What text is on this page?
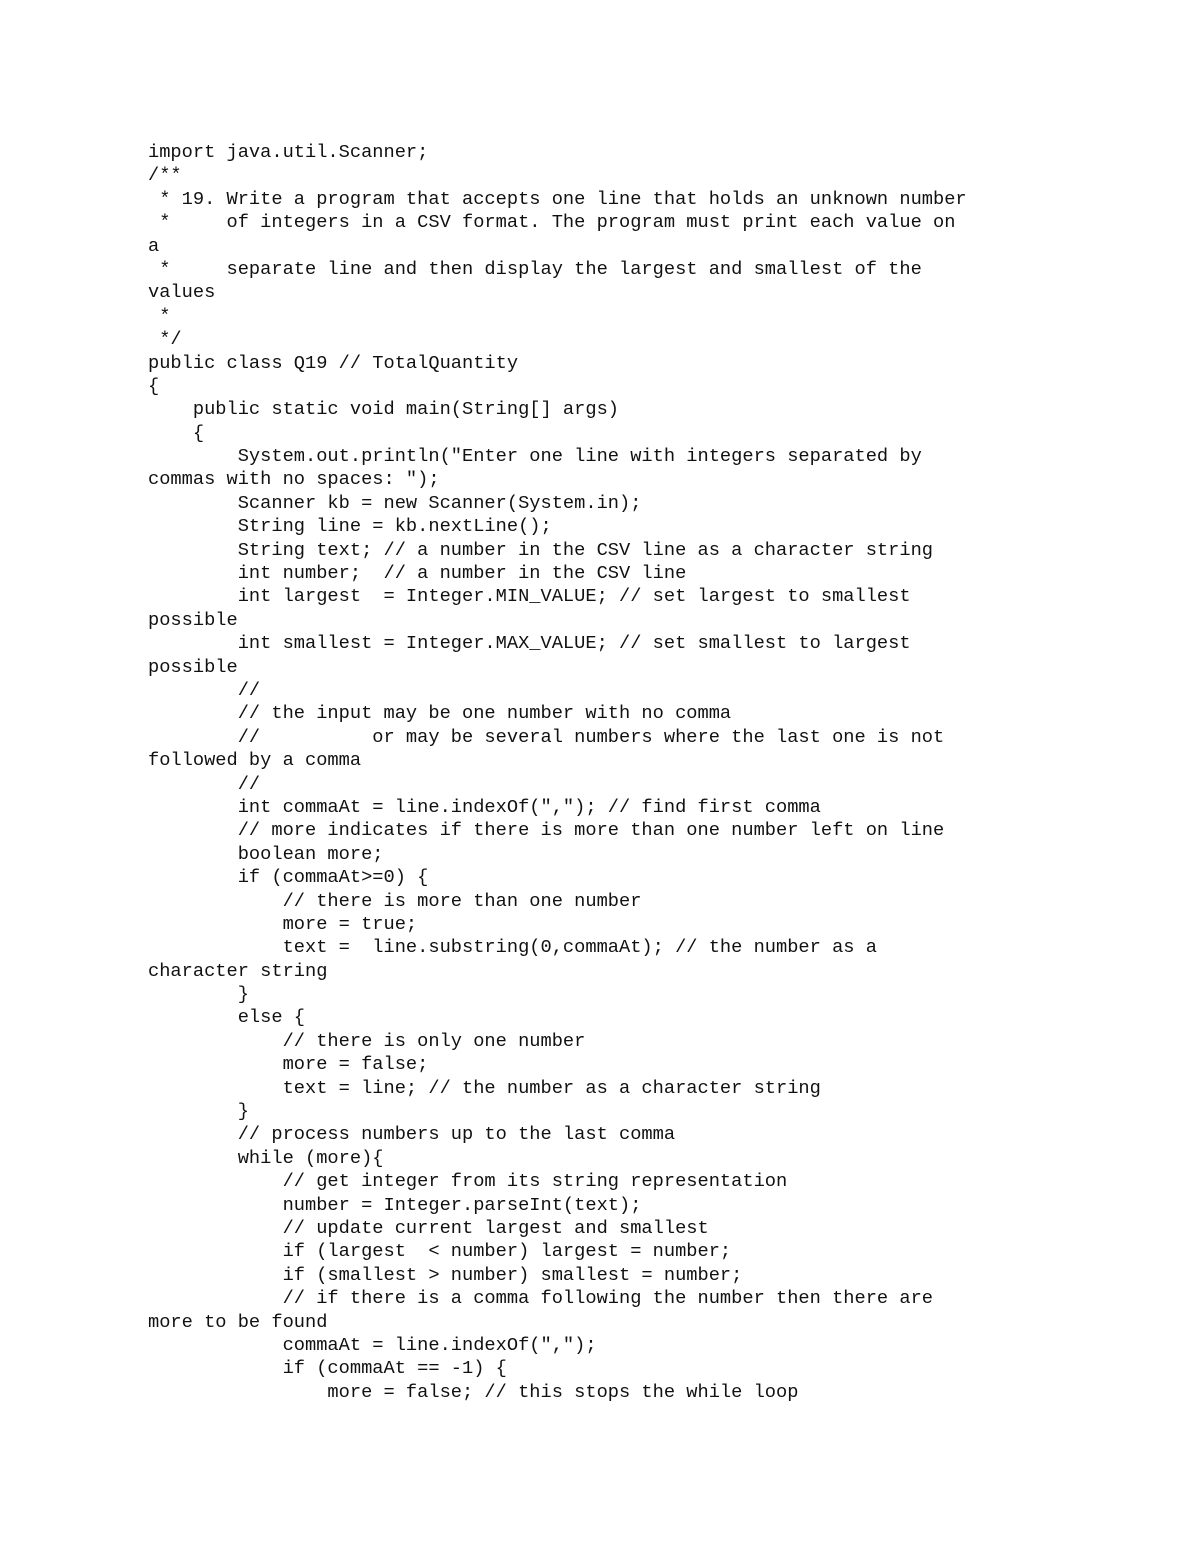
import java.util.Scanner;
/**
* 19. Write a program that accepts one line that holds an unknown number
*     of integers in a CSV format. The program must print each value on
a
*     separate line and then display the largest and smallest of the
values
*
*/
public class Q19 // TotalQuantity
{
public static void main(String[] args)
{
System.out.println("Enter one line with integers separated by
commas with no spaces: ");
Scanner kb = new Scanner(System.in);
String line = kb.nextLine();
String text; // a number in the CSV line as a character string
int number;  // a number in the CSV line
int largest  = Integer.MIN_VALUE; // set largest to smallest
possible
int smallest = Integer.MAX_VALUE; // set smallest to largest
possible
//
// the input may be one number with no comma
//          or may be several numbers where the last one is not
followed by a comma
//
int commaAt = line.indexOf(","); // find first comma
// more indicates if there is more than one number left on line
boolean more;
if (commaAt>=0) {
// there is more than one number
more = true;
text =  line.substring(0,commaAt); // the number as a
character string
}
else {
// there is only one number
more = false;
text = line; // the number as a character string
}
// process numbers up to the last comma
while (more){
// get integer from its string representation
number = Integer.parseInt(text);
// update current largest and smallest
if (largest  < number) largest = number;
if (smallest > number) smallest = number;
// if there is a comma following the number then there are
more to be found
commaAt = line.indexOf(",");
if (commaAt == -1) {
more = false; // this stops the while loop
